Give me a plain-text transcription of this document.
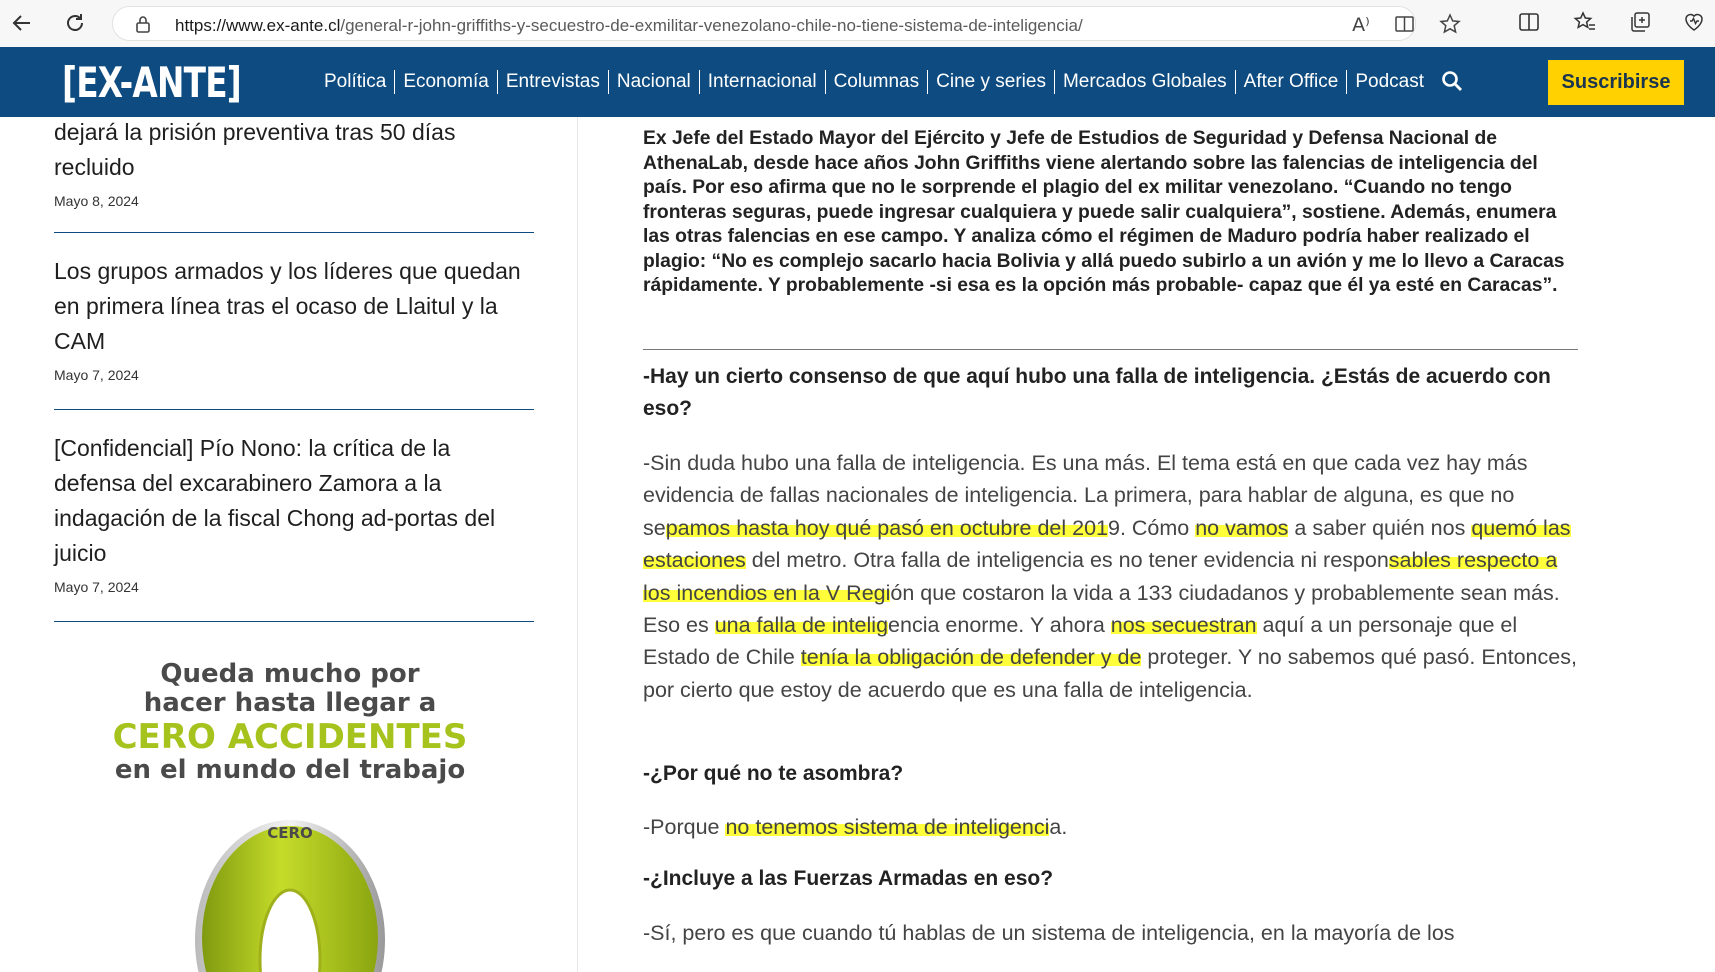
https://www.ex-ante.cl/general-r-john-griffiths-y-secuestro-de-exmilitar-venezolano-chile-no-tiene-sistema-de-inteligencia/	A⁾
[EX-ANTE]	Política Economía Entrevistas Nacional Internacional Columnas Cine y series Mercados Globales After Office Podcast	Suscribirse
dejará la prisión preventiva tras 50 días recluido
Mayo 8, 2024
Los grupos armados y los líderes que quedan en primera línea tras el ocaso de Llaitul y la CAM
Mayo 7, 2024
[Confidencial] Pío Nono: la crítica de la defensa del excarabinero Zamora a la indagación de la fiscal Chong ad-portas del juicio
Mayo 7, 2024
Queda mucho por
hacer hasta llegar a
CERO ACCIDENTES
en el mundo del trabajo
CERO

Ex Jefe del Estado Mayor del Ejército y Jefe de Estudios de Seguridad y Defensa Nacional de AthenaLab, desde hace años John Griffiths viene alertando sobre las falencias de inteligencia del país. Por eso afirma que no le sorprende el plagio del ex militar venezolano. “Cuando no tengo fronteras seguras, puede ingresar cualquiera y puede salir cualquiera”, sostiene. Además, enumera las otras falencias en ese campo. Y analiza cómo el régimen de Maduro podría haber realizado el plagio: “No es complejo sacarlo hacia Bolivia y allá puedo subirlo a un avión y me lo llevo a Caracas rápidamente. Y probablemente -si esa es la opción más probable- capaz que él ya esté en Caracas”.

-Hay un cierto consenso de que aquí hubo una falla de inteligencia. ¿Estás de acuerdo con eso?

-Sin duda hubo una falla de inteligencia. Es una más. El tema está en que cada vez hay más evidencia de fallas nacionales de inteligencia. La primera, para hablar de alguna, es que no sepamos hasta hoy qué pasó en octubre del 2019. Cómo no vamos a saber quién nos quemó las estaciones del metro. Otra falla de inteligencia es no tener evidencia ni responsables respecto a los incendios en la V Región que costaron la vida a 133 ciudadanos y probablemente sean más. Eso es una falla de inteligencia enorme. Y ahora nos secuestran aquí a un personaje que el Estado de Chile tenía la obligación de defender y de proteger. Y no sabemos qué pasó. Entonces, por cierto que estoy de acuerdo que es una falla de inteligencia.

-¿Por qué no te asombra?

-Porque no tenemos sistema de inteligencia.

-¿Incluye a las Fuerzas Armadas en eso?

-Sí, pero es que cuando tú hablas de un sistema de inteligencia, en la mayoría de los
